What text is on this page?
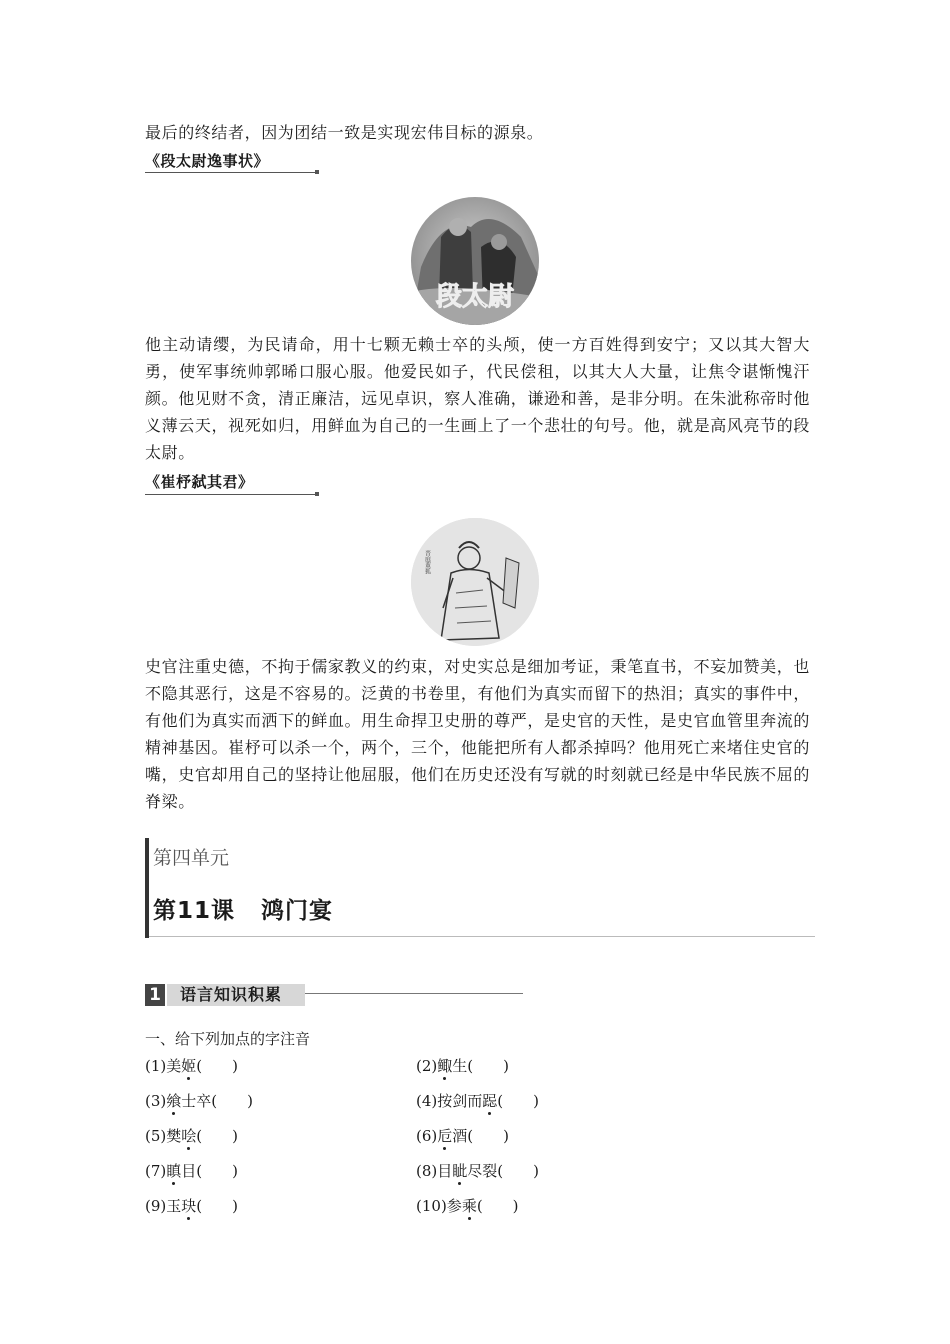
最后的终结者，因为团结一致是实现宏伟目标的源泉。
《段太尉逸事状》
段太尉
他主动请缨，为民请命，用十七颗无赖士卒的头颅，使一方百姓得到安宁；又以其大智大勇，使军事统帅郭晞口服心服。他爱民如子，代民偿租，以其大人大量，让焦令谌惭愧汗颜。他见财不贪，清正廉洁，远见卓识，察人准确，谦逊和善，是非分明。在朱泚称帝时他义薄云天，视死如归，用鲜血为自己的一生画上了一个悲壮的句号。他，就是高风亮节的段太尉。
《崔杼弑其君》
晋庭董狐
史官注重史德，不拘于儒家教义的约束，对史实总是细加考证，秉笔直书，不妄加赞美，也不隐其恶行，这是不容易的。泛黄的书卷里，有他们为真实而留下的热泪；真实的事件中，有他们为真实而洒下的鲜血。用生命捍卫史册的尊严，是史官的天性，是史官血管里奔流的精神基因。崔杼可以杀一个，两个，三个，他能把所有人都杀掉吗？他用死亡来堵住史官的嘴，史官却用自己的坚持让他屈服，他们在历史还没有写就的时刻就已经是中华民族不屈的脊梁。
第四单元
第11课 鸿门宴
1 语言知识积累
一、给下列加点的字注音
(1)美姬(  )	(2)鲰生(  )
(3)飨士卒(  )	(4)按剑而跽(  )
(5)樊哙(  )	(6)卮酒(  )
(7)瞋目(  )	(8)目眦尽裂(  )
(9)玉玦(  )	(10)参乘(  )
